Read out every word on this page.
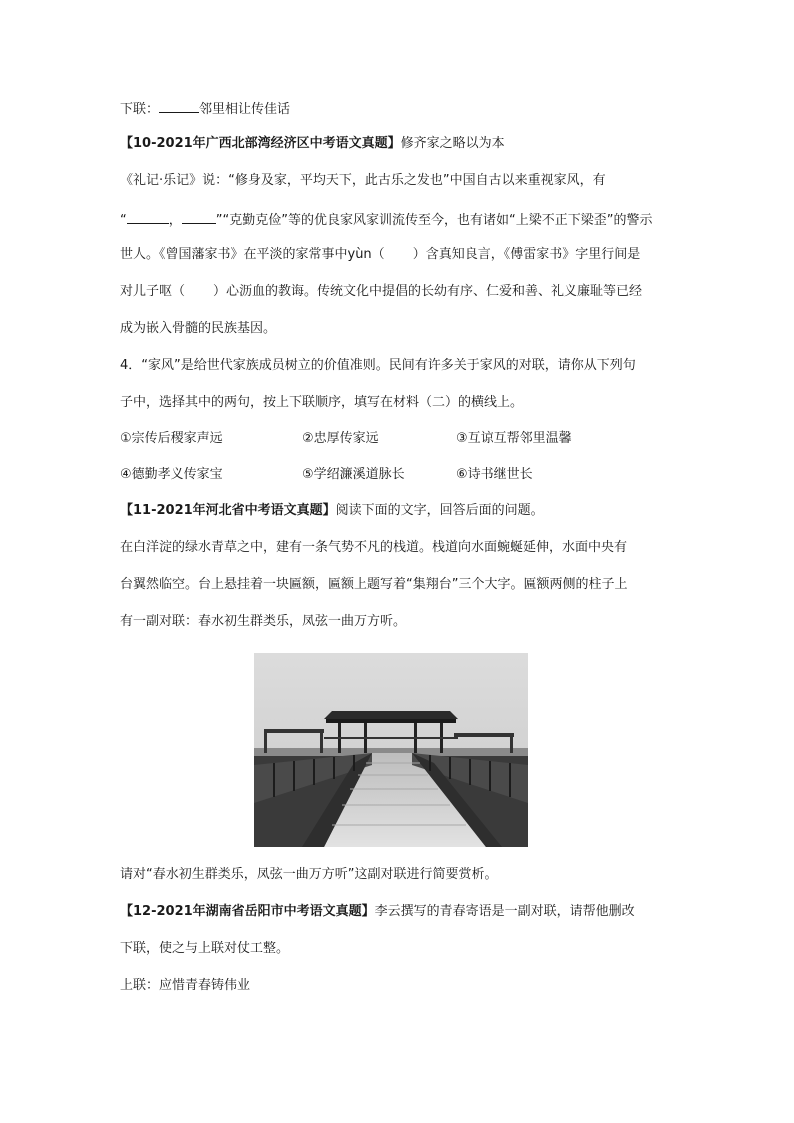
下联：	邻里相让传佳话
【10-2021年广西北部湾经济区中考语文真题】修齐家之略以为本
《礼记·乐记》说：“修身及家，平均天下，此古乐之发也”中国自古以来重视家风，有
“	，	”“克勤克俭”等的优良家风家训流传至今，也有诸如“上梁不正下梁歪”的警示
世人。《曾国藩家书》在平淡的家常事中yùn（ ）含真知良言，《傅雷家书》字里行间是
对儿子呕（ ）心沥血的教诲。传统文化中提倡的长幼有序、仁爱和善、礼义廉耻等已经
成为嵌入骨髓的民族基因。
4．“家风”是给世代家族成员树立的价值准则。民间有许多关于家风的对联，请你从下列句
子中，选择其中的两句，按上下联顺序，填写在材料（二）的横线上。
①宗传后稷家声远	②忠厚传家远	③互谅互帮邻里温馨
④德勤孝义传家宝	⑤学绍濂溪道脉长	⑥诗书继世长
【11-2021年河北省中考语文真题】阅读下面的文字，回答后面的问题。
在白洋淀的绿水青草之中，建有一条气势不凡的栈道。栈道向水面蜿蜒延伸，水面中央有
台翼然临空。台上悬挂着一块匾额，匾额上题写着“集翔台”三个大字。匾额两侧的柱子上
有一副对联：春水初生群类乐，凤弦一曲万方听。
请对“春水初生群类乐，凤弦一曲万方听”这副对联进行简要赏析。
【12-2021年湖南省岳阳市中考语文真题】李云撰写的青春寄语是一副对联，请帮他删改
下联，使之与上联对仗工整。
上联：应惜青春铸伟业
